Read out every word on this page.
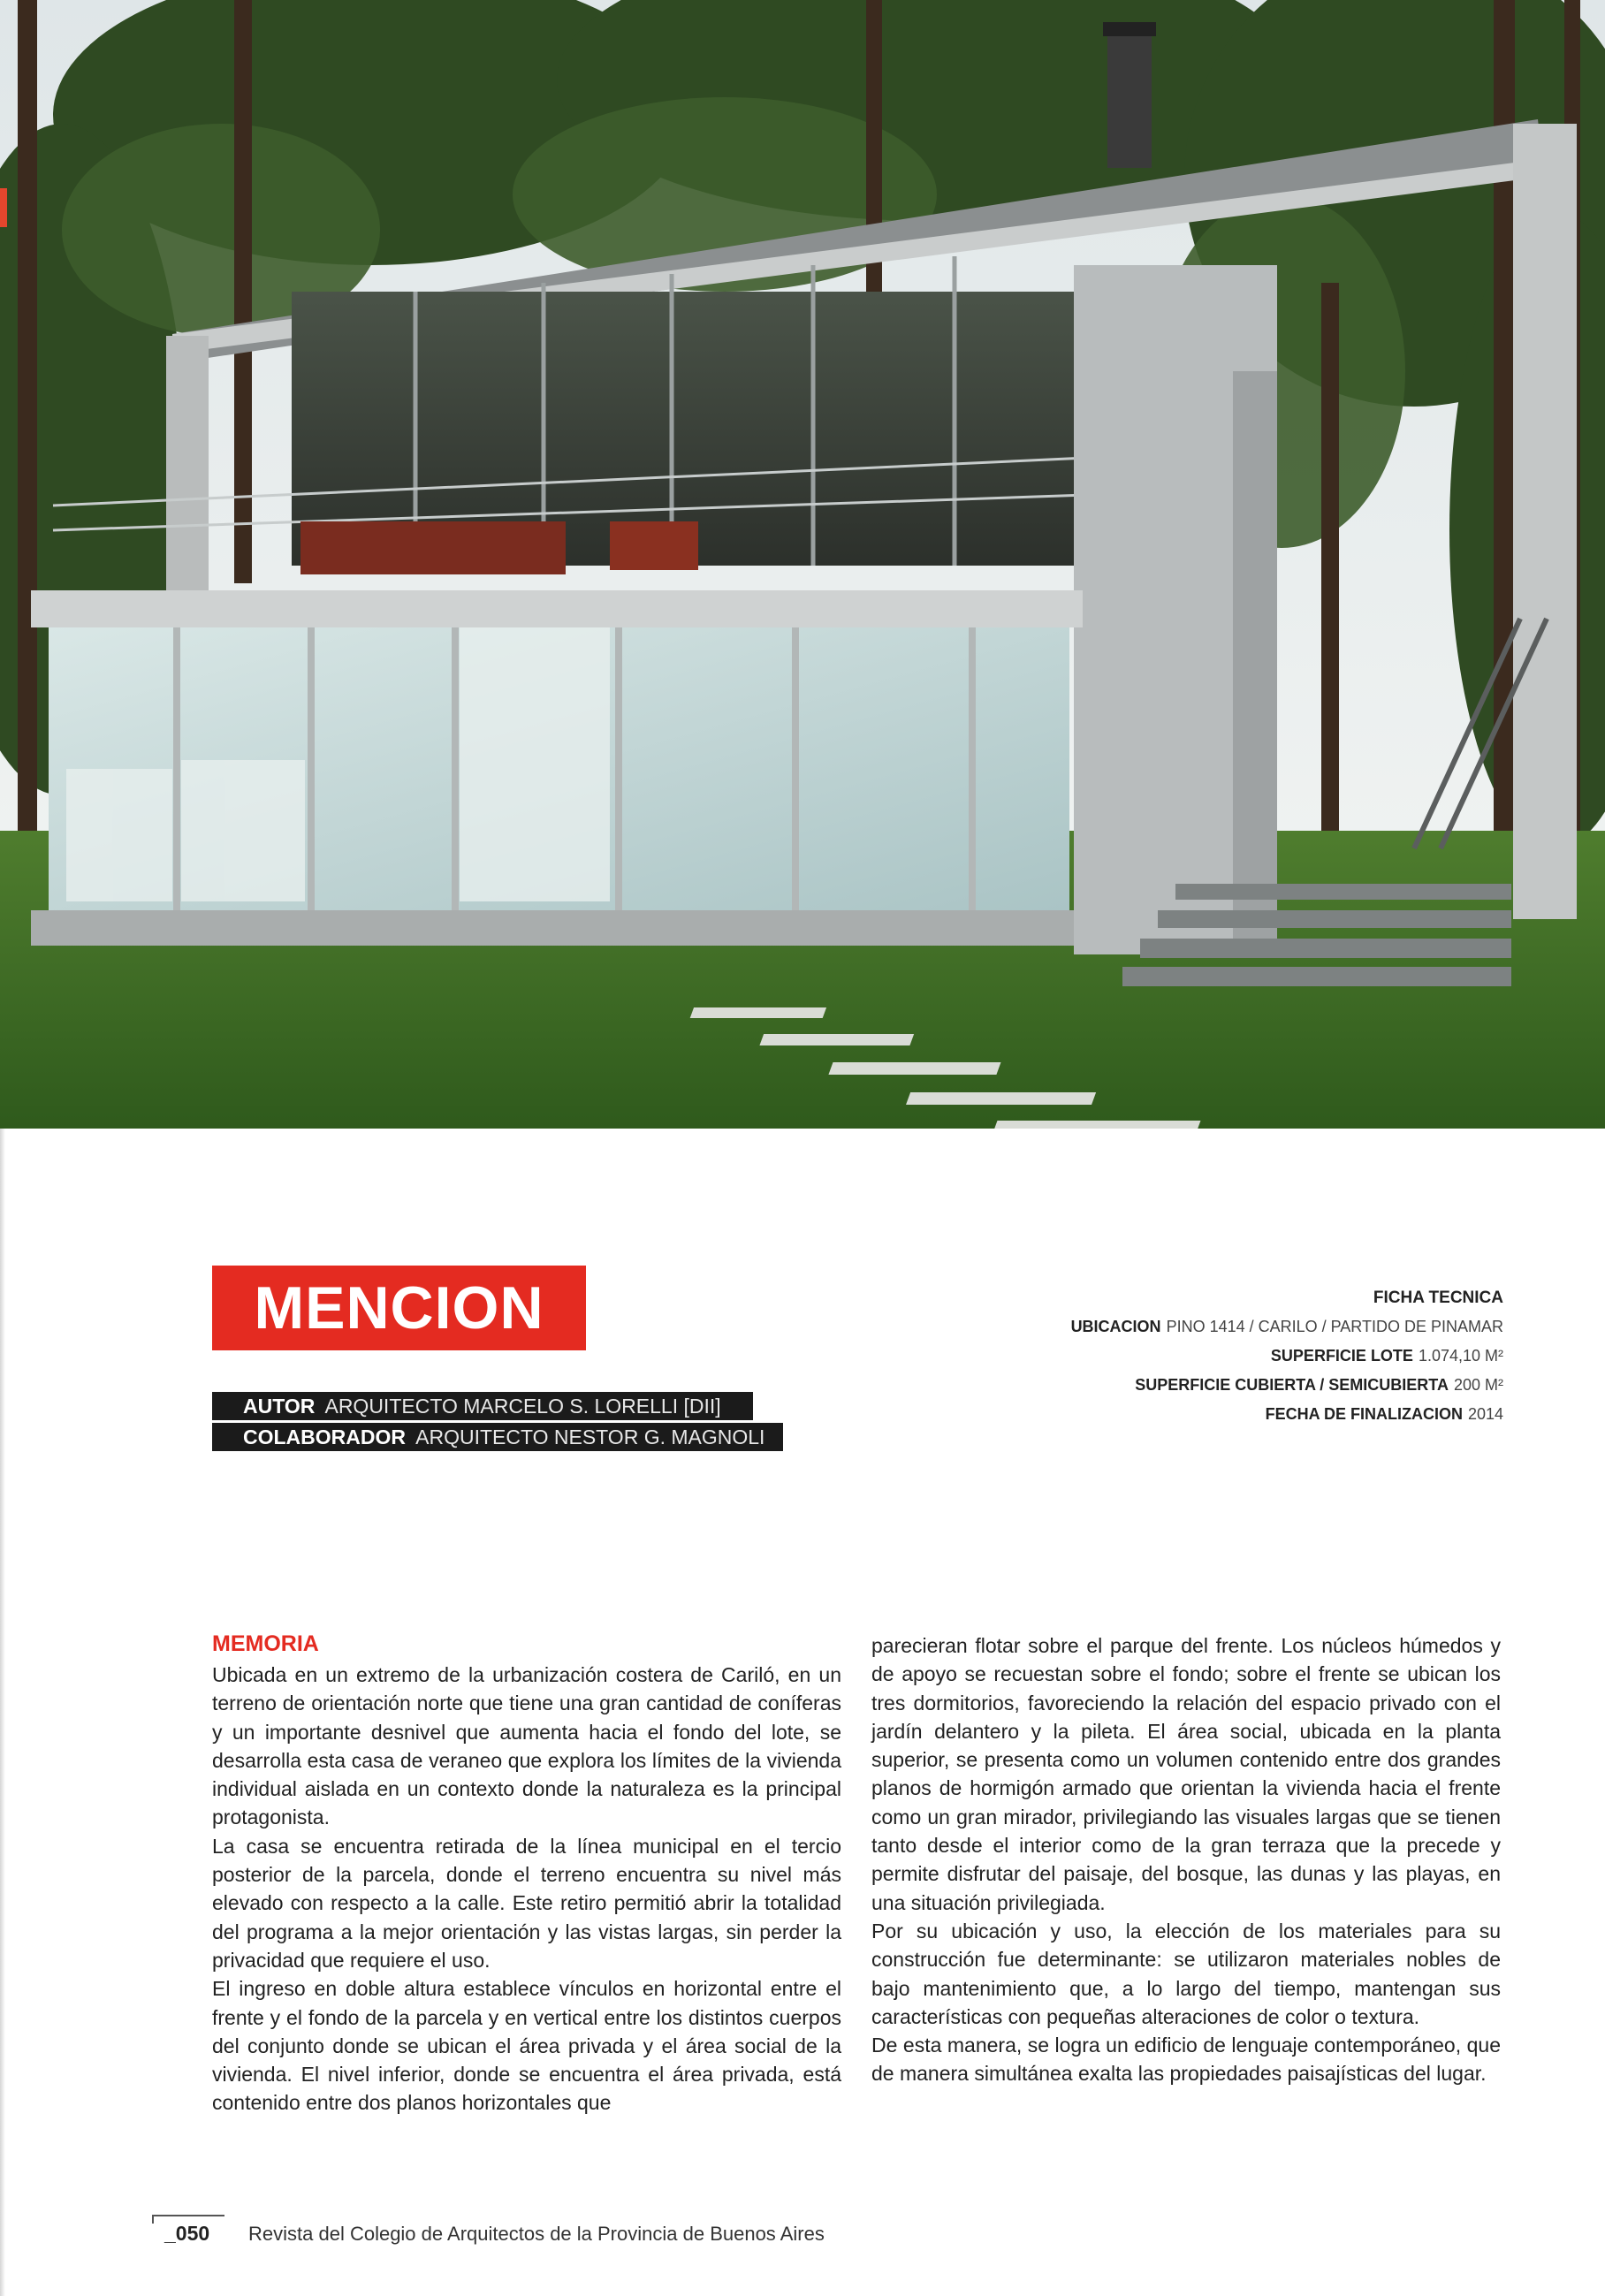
MENCION
AUTOR ARQUITECTO MARCELO S. LORELLI [DII]
COLABORADOR ARQUITECTO NESTOR G. MAGNOLI
FICHA TECNICA
UBICACION PINO 1414 / CARILO / PARTIDO DE PINAMAR
SUPERFICIE LOTE 1.074,10 M²
SUPERFICIE CUBIERTA / SEMICUBIERTA 200 M²
FECHA DE FINALIZACION 2014
MEMORIA

Ubicada en un extremo de la urbanización costera de Cariló, en un terreno de orientación norte que tiene una gran cantidad de coníferas y un importante desnivel que aumenta hacia el fondo del lote, se desarrolla esta casa de veraneo que explora los límites de la vivienda individual aislada en un contexto donde la naturaleza es la principal protagonista.

La casa se encuentra retirada de la línea municipal en el tercio posterior de la parcela, donde el terreno encuentra su nivel más elevado con respecto a la calle. Este retiro permitió abrir la totalidad del programa a la mejor orientación y las vistas largas, sin perder la privacidad que requiere el uso.

El ingreso en doble altura establece vínculos en horizontal entre el frente y el fondo de la parcela y en vertical entre los distintos cuerpos del conjunto donde se ubican el área privada y el área social de la vivienda. El nivel inferior, donde se encuentra el área privada, está contenido entre dos planos horizontales que

parecieran flotar sobre el parque del frente. Los núcleos húmedos y de apoyo se recuestan sobre el fondo; sobre el frente se ubican los tres dormitorios, favoreciendo la relación del espacio privado con el jardín delantero y la pileta. El área social, ubicada en la planta superior, se presenta como un volumen contenido entre dos grandes planos de hormigón armado que orientan la vivienda hacia el frente como un gran mirador, privilegiando las visuales largas que se tienen tanto desde el interior como de la gran terraza que la precede y permite disfrutar del paisaje, del bosque, las dunas y las playas, en una situación privilegiada.

Por su ubicación y uso, la elección de los materiales para su construcción fue determinante: se utilizaron materiales nobles de bajo mantenimiento que, a lo largo del tiempo, mantengan sus características con pequeñas alteraciones de color o textura.

De esta manera, se logra un edificio de lenguaje contemporáneo, que de manera simultánea exalta las propiedades paisajísticas del lugar.

_050 Revista del Colegio de Arquitectos de la Provincia de Buenos Aires
